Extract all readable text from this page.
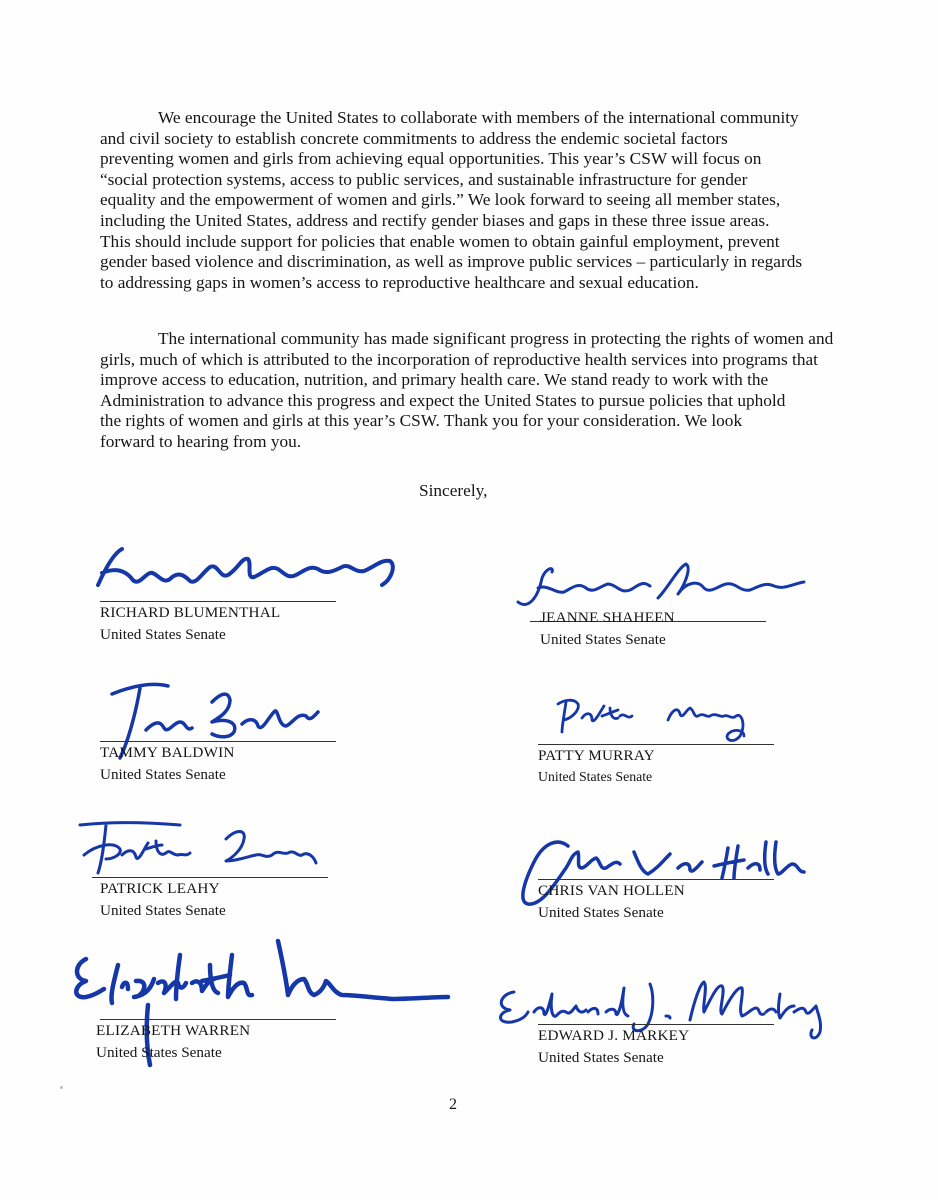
We encourage the United States to collaborate with members of the international community
and civil society to establish concrete commitments to address the endemic societal factors
preventing women and girls from achieving equal opportunities. This year’s CSW will focus on
“social protection systems, access to public services, and sustainable infrastructure for gender
equality and the empowerment of women and girls.” We look forward to seeing all member states,
including the United States, address and rectify gender biases and gaps in these three issue areas.
This should include support for policies that enable women to obtain gainful employment, prevent
gender based violence and discrimination, as well as improve public services – particularly in regards
to addressing gaps in women’s access to reproductive healthcare and sexual education.

The international community has made significant progress in protecting the rights of women and
girls, much of which is attributed to the incorporation of reproductive health services into programs that
improve access to education, nutrition, and primary health care. We stand ready to work with the
Administration to advance this progress and expect the United States to pursue policies that uphold
the rights of women and girls at this year’s CSW. Thank you for your consideration. We look
forward to hearing from you.

Sincerely,
RICHARD BLUMENTHAL
United States Senate
JEANNE SHAHEEN
United States Senate
TAMMY BALDWIN
United States Senate
PATTY MURRAY
United States Senate
PATRICK LEAHY
United States Senate
CHRIS VAN HOLLEN
United States Senate
ELIZABETH WARREN
United States Senate
EDWARD J. MARKEY
United States Senate
2
